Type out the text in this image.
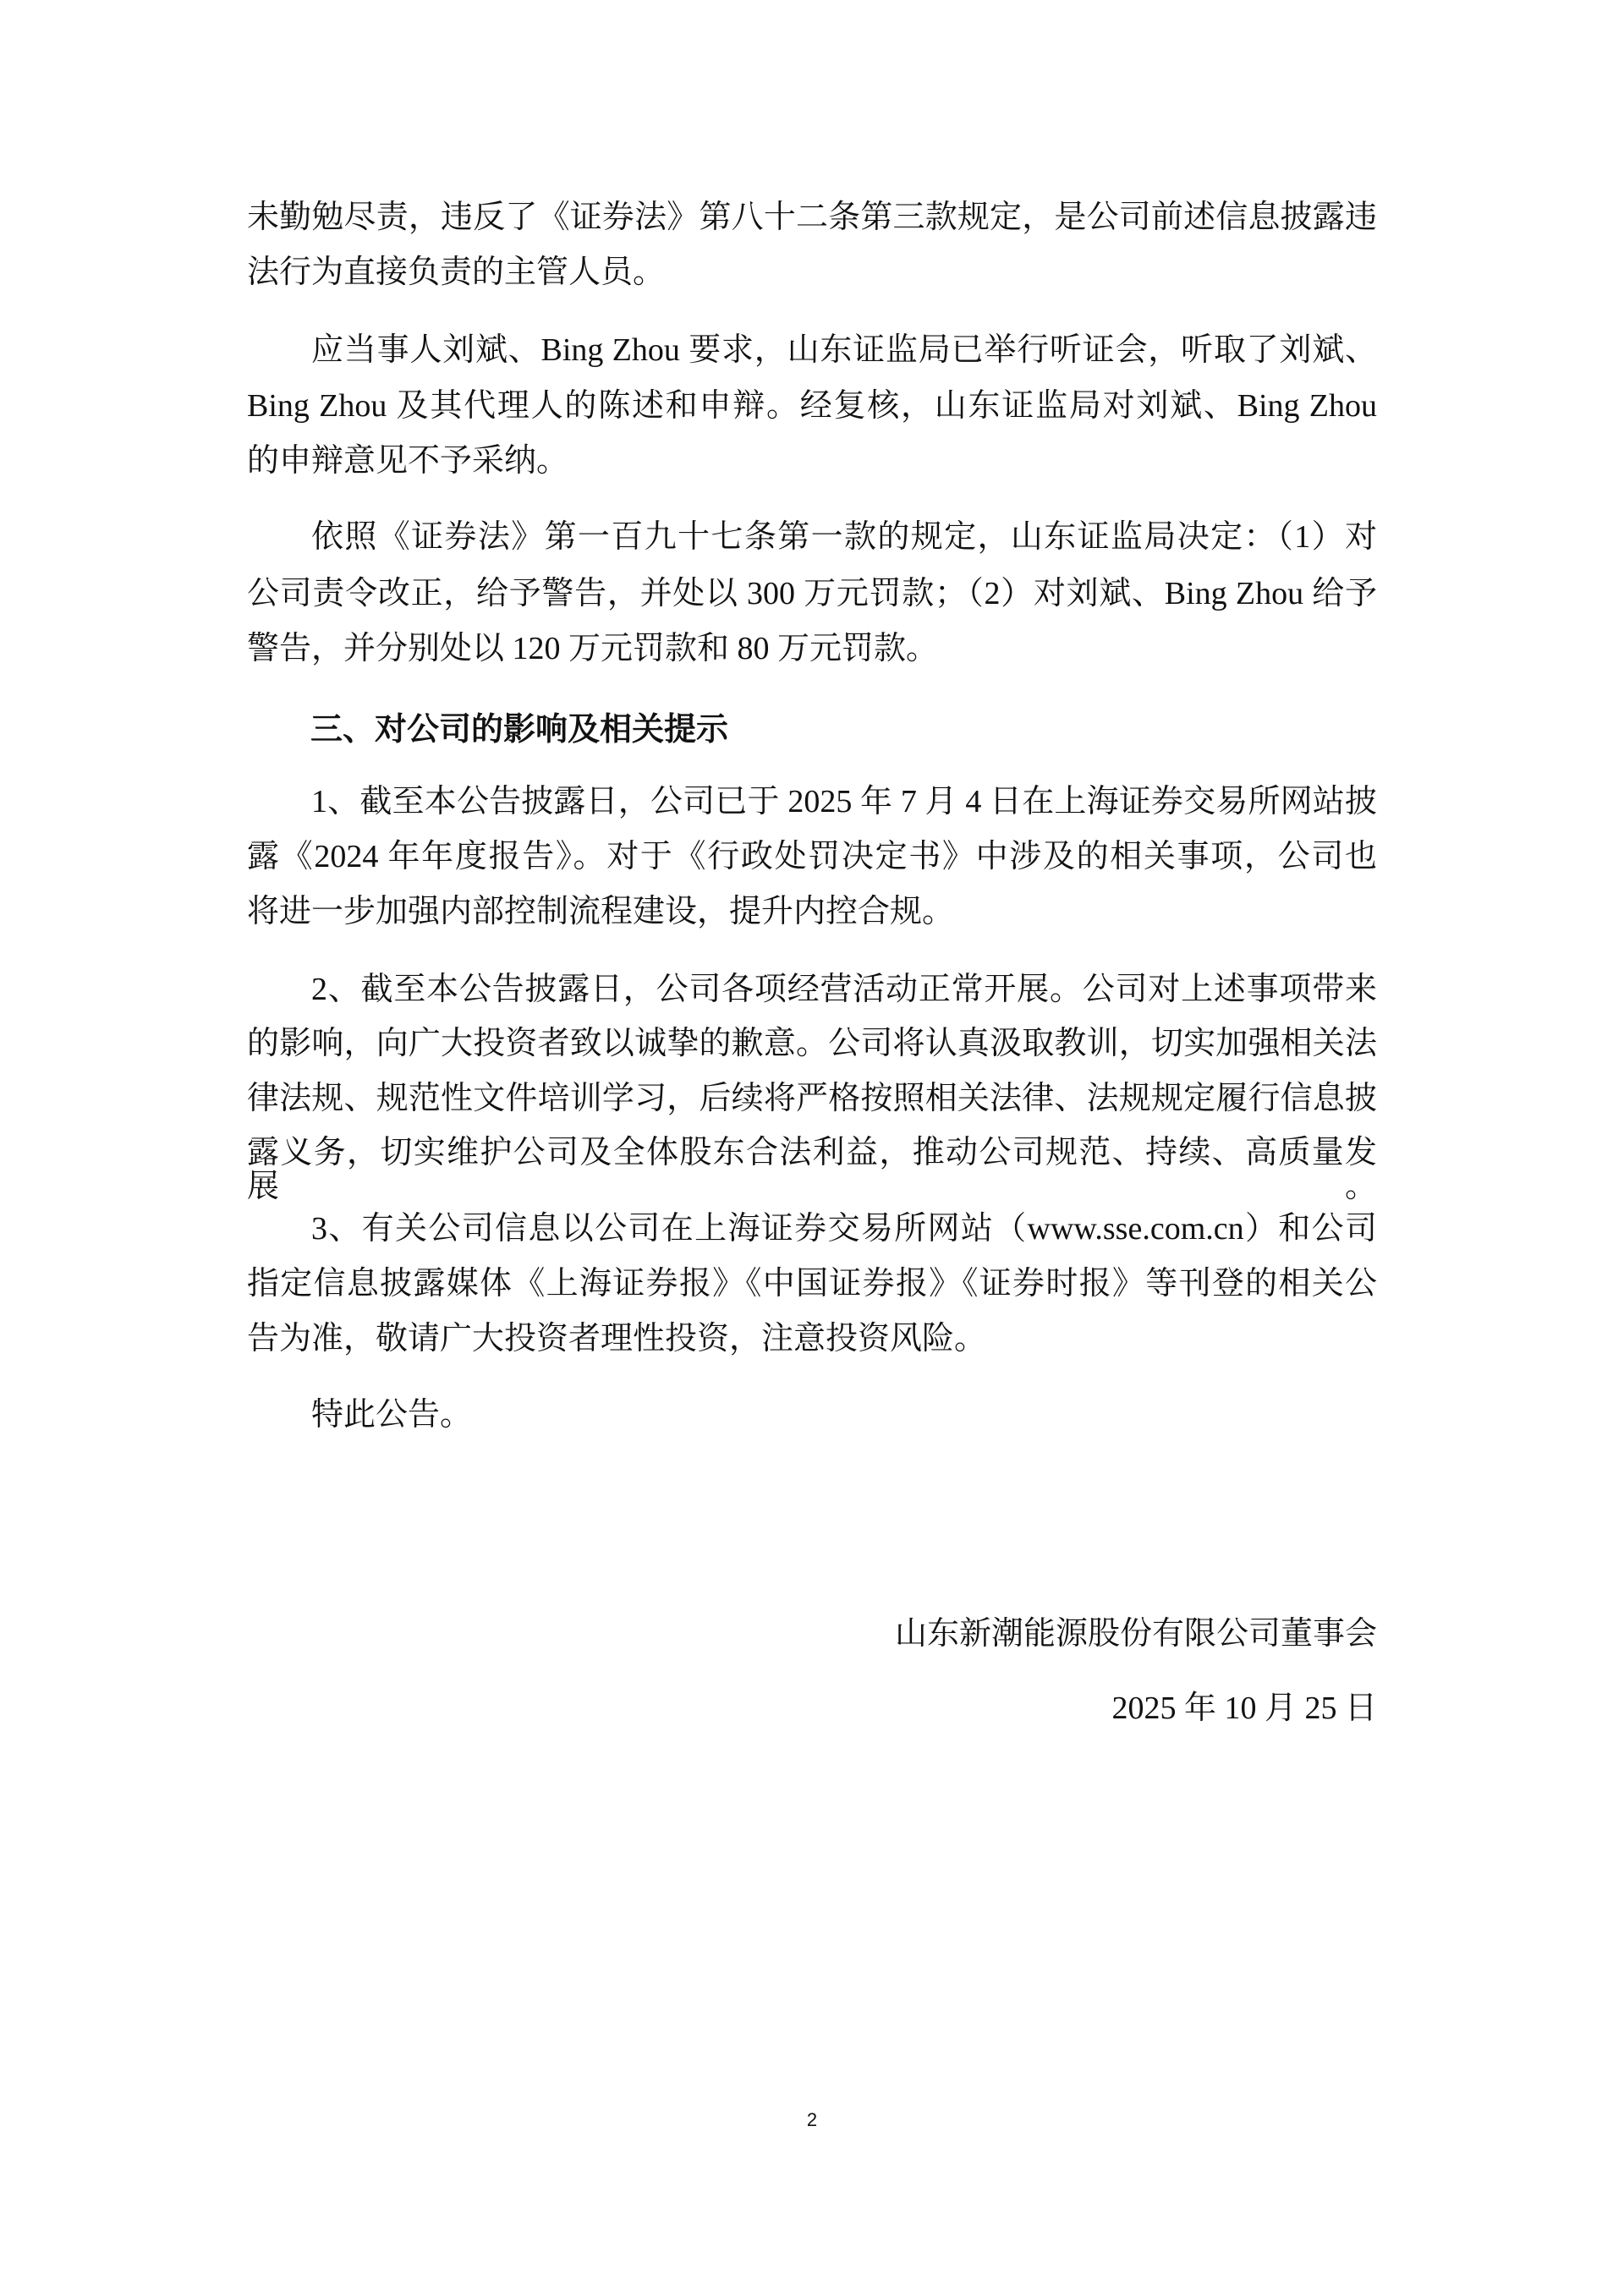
未勤勉尽责，违反了《证券法》第八十二条第三款规定，是公司前述信息披露违
法行为直接负责的主管人员。
应当事人刘斌、Bing Zhou 要求，山东证监局已举行听证会，听取了刘斌、
Bing Zhou 及其代理人的陈述和申辩。经复核，山东证监局对刘斌、Bing Zhou
的申辩意见不予采纳。
依照《证券法》第一百九十七条第一款的规定，山东证监局决定：（1）对
公司责令改正，给予警告，并处以 300 万元罚款；（2）对刘斌、Bing Zhou 给予
警告，并分别处以 120 万元罚款和 80 万元罚款。
三、对公司的影响及相关提示
1、截至本公告披露日，公司已于 2025 年 7 月 4 日在上海证券交易所网站披
露《2024 年年度报告》。对于《行政处罚决定书》中涉及的相关事项，公司也
将进一步加强内部控制流程建设，提升内控合规。
2、截至本公告披露日，公司各项经营活动正常开展。公司对上述事项带来
的影响，向广大投资者致以诚挚的歉意。公司将认真汲取教训，切实加强相关法
律法规、规范性文件培训学习，后续将严格按照相关法律、法规规定履行信息披
露义务，切实维护公司及全体股东合法利益，推动公司规范、持续、高质量发展。
3、有关公司信息以公司在上海证券交易所网站（www.sse.com.cn）和公司
指定信息披露媒体《上海证券报》《中国证券报》《证券时报》等刊登的相关公
告为准，敬请广大投资者理性投资，注意投资风险。
特此公告。
山东新潮能源股份有限公司董事会
2025 年 10 月 25 日
2
